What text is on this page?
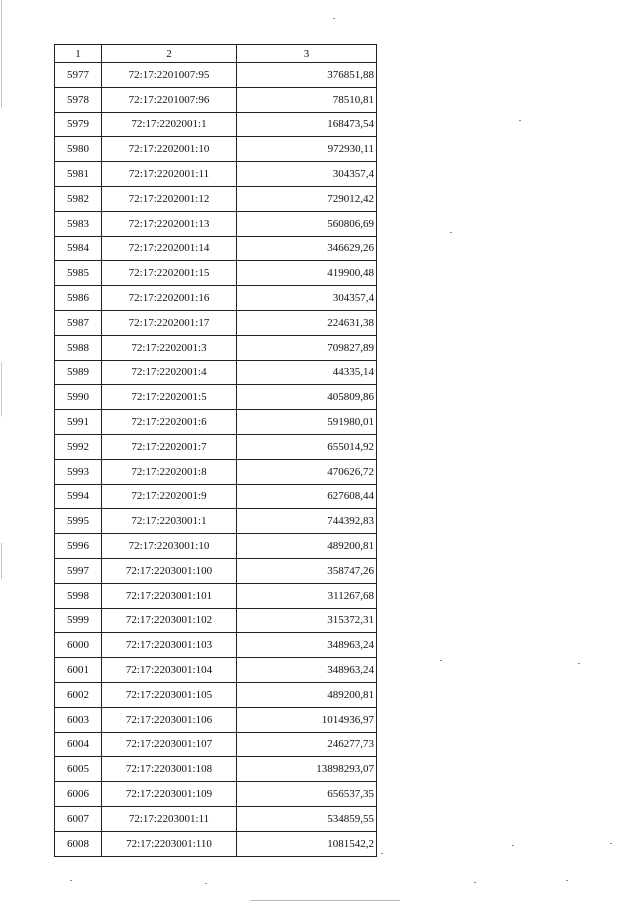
1	2	3
5977	72:17:2201007:95	376851,88
5978	72:17:2201007:96	78510,81
5979	72:17:2202001:1	168473,54
5980	72:17:2202001:10	972930,11
5981	72:17:2202001:11	304357,4
5982	72:17:2202001:12	729012,42
5983	72:17:2202001:13	560806,69
5984	72:17:2202001:14	346629,26
5985	72:17:2202001:15	419900,48
5986	72:17:2202001:16	304357,4
5987	72:17:2202001:17	224631,38
5988	72:17:2202001:3	709827,89
5989	72:17:2202001:4	44335,14
5990	72:17:2202001:5	405809,86
5991	72:17:2202001:6	591980,01
5992	72:17:2202001:7	655014,92
5993	72:17:2202001:8	470626,72
5994	72:17:2202001:9	627608,44
5995	72:17:2203001:1	744392,83
5996	72:17:2203001:10	489200,81
5997	72:17:2203001:100	358747,26
5998	72:17:2203001:101	311267,68
5999	72:17:2203001:102	315372,31
6000	72:17:2203001:103	348963,24
6001	72:17:2203001:104	348963,24
6002	72:17:2203001:105	489200,81
6003	72:17:2203001:106	1014936,97
6004	72:17:2203001:107	246277,73
6005	72:17:2203001:108	13898293,07
6006	72:17:2203001:109	656537,35
6007	72:17:2203001:11	534859,55
6008	72:17:2203001:110	1081542,2
